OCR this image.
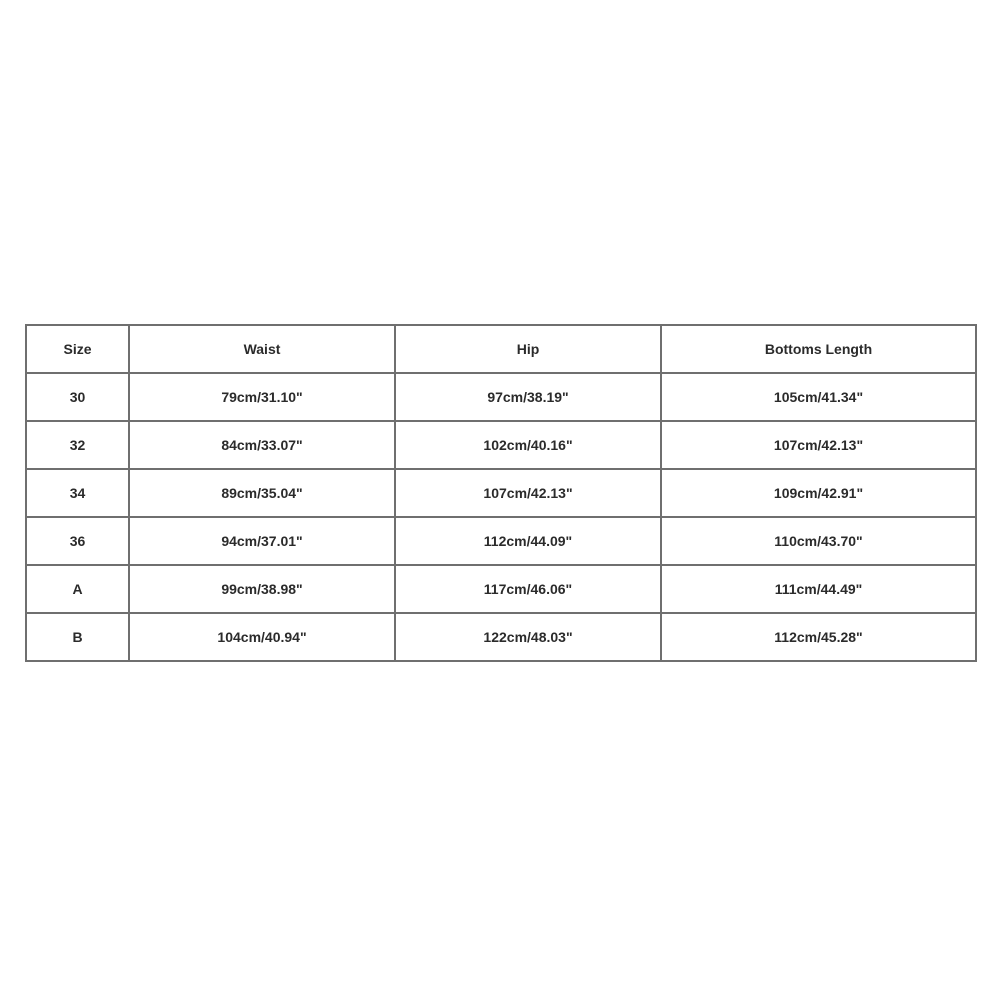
Size	Waist	Hip	Bottoms Length
30	79cm/31.10"	97cm/38.19"	105cm/41.34"
32	84cm/33.07"	102cm/40.16"	107cm/42.13"
34	89cm/35.04"	107cm/42.13"	109cm/42.91"
36	94cm/37.01"	112cm/44.09"	110cm/43.70"
A	99cm/38.98"	117cm/46.06"	111cm/44.49"
B	104cm/40.94"	122cm/48.03"	112cm/45.28"
